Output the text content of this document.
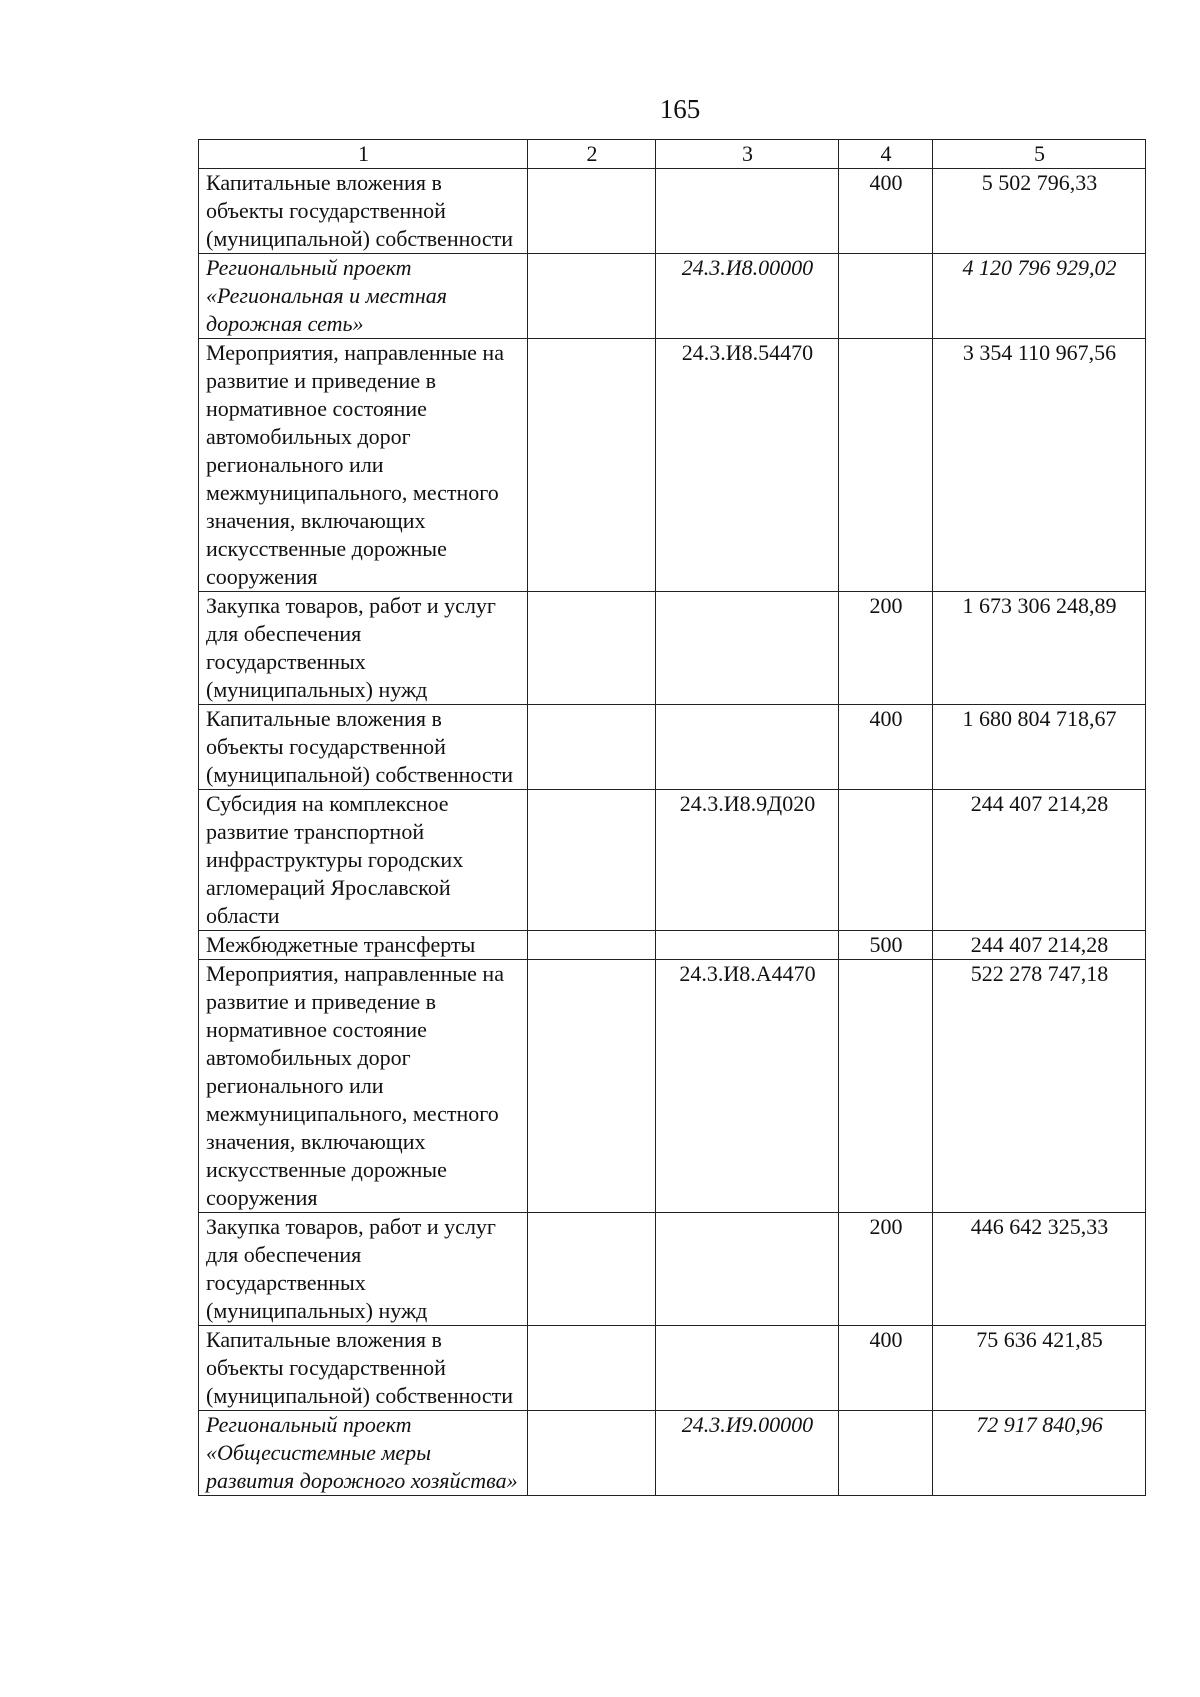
165
1	2	3	4	5
Капитальные вложения в объекты государственной (муниципальной) собственности			400	5 502 796,33
Региональный проект «Региональная и местная дорожная сеть»		24.3.И8.00000		4 120 796 929,02
Мероприятия, направленные на развитие и приведение в нормативное состояние автомобильных дорог регионального или межмуниципального, местного значения, включающих искусственные дорожные сооружения		24.3.И8.54470		3 354 110 967,56
Закупка товаров, работ и услуг для обеспечения государственных (муниципальных) нужд			200	1 673 306 248,89
Капитальные вложения в объекты государственной (муниципальной) собственности			400	1 680 804 718,67
Субсидия на комплексное развитие транспортной инфраструктуры городских агломераций Ярославской области		24.3.И8.9Д020		244 407 214,28
Межбюджетные трансферты			500	244 407 214,28
Мероприятия, направленные на развитие и приведение в нормативное состояние автомобильных дорог регионального или межмуниципального, местного значения, включающих искусственные дорожные сооружения		24.3.И8.А4470		522 278 747,18
Закупка товаров, работ и услуг для обеспечения государственных (муниципальных) нужд			200	446 642 325,33
Капитальные вложения в объекты государственной (муниципальной) собственности			400	75 636 421,85
Региональный проект «Общесистемные меры развития дорожного хозяйства»		24.3.И9.00000		72 917 840,96
